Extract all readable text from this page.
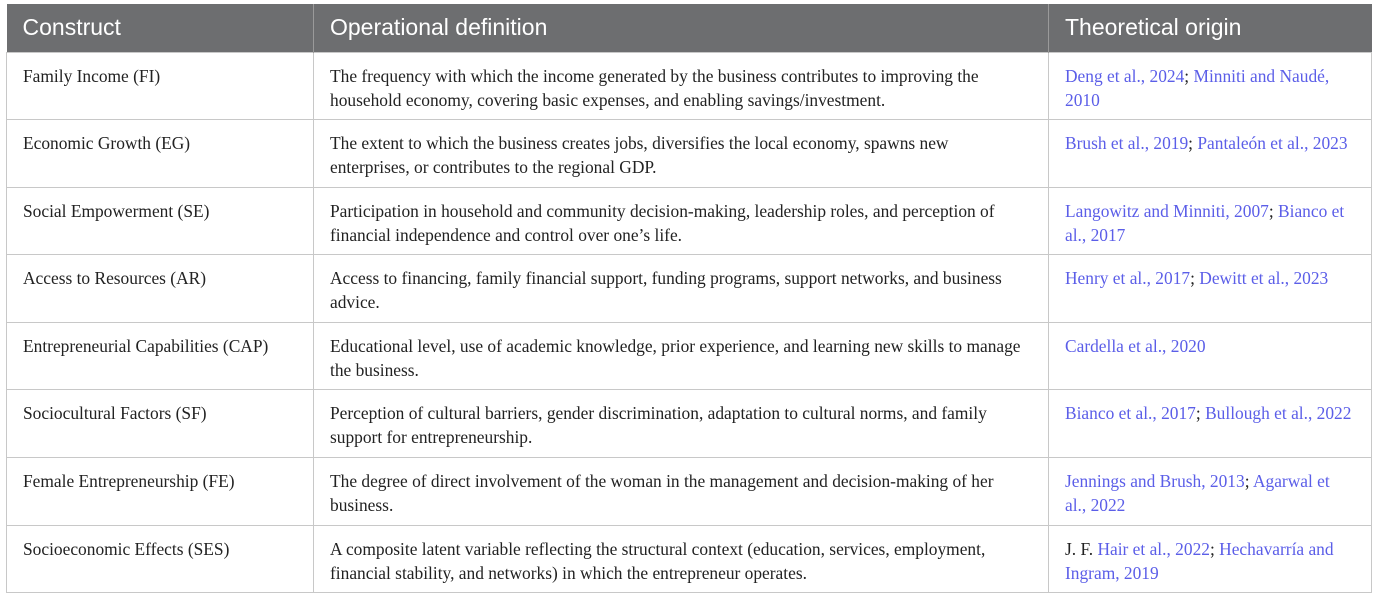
Construct	Operational definition	Theoretical origin
Family Income (FI)	The frequency with which the income generated by the business contributes to improving the household economy, covering basic expenses, and enabling savings/investment.	Deng et al., 2024; Minniti and Naudé, 2010
Economic Growth (EG)	The extent to which the business creates jobs, diversifies the local economy, spawns new enterprises, or contributes to the regional GDP.	Brush et al., 2019; Pantaleón et al., 2023
Social Empowerment (SE)	Participation in household and community decision-making, leadership roles, and perception of financial independence and control over one’s life.	Langowitz and Minniti, 2007; Bianco et al., 2017
Access to Resources (AR)	Access to financing, family financial support, funding programs, support networks, and business advice.	Henry et al., 2017; Dewitt et al., 2023
Entrepreneurial Capabilities (CAP)	Educational level, use of academic knowledge, prior experience, and learning new skills to manage the business.	Cardella et al., 2020
Sociocultural Factors (SF)	Perception of cultural barriers, gender discrimination, adaptation to cultural norms, and family support for entrepreneurship.	Bianco et al., 2017; Bullough et al., 2022
Female Entrepreneurship (FE)	The degree of direct involvement of the woman in the management and decision-making of her business.	Jennings and Brush, 2013; Agarwal et al., 2022
Socioeconomic Effects (SES)	A composite latent variable reflecting the structural context (education, services, employment, financial stability, and networks) in which the entrepreneur operates.	J. F. Hair et al., 2022; Hechavarría and Ingram, 2019
